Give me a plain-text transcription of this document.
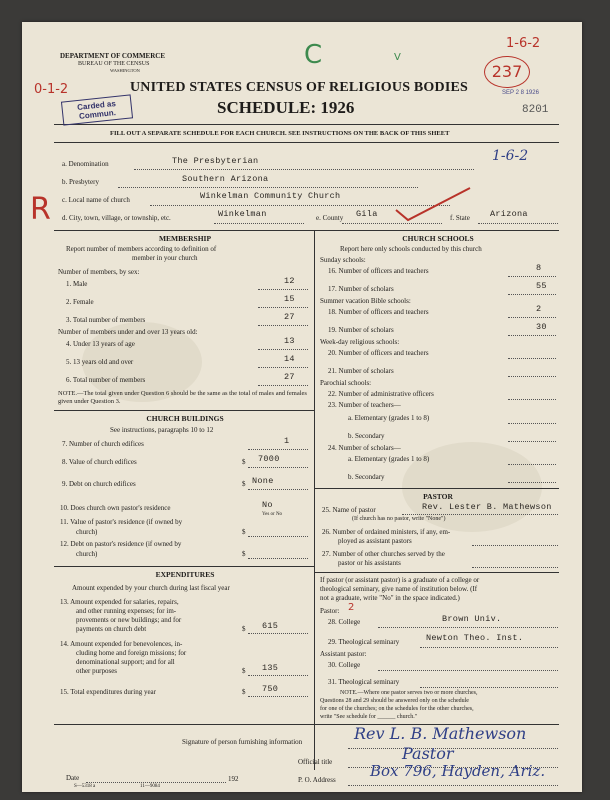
DEPARTMENT OF COMMERCE
BUREAU OF THE CENSUS
WASHINGTON
UNITED STATES CENSUS OF RELIGIOUS BODIES
SCHEDULE: 1926
FILL OUT A SEPARATE SCHEDULE FOR EACH CHURCH. SEE INSTRUCTIONS ON THE BACK OF THIS SHEET
Carded as Commun.
0-1-2
C	V
1-6-2
237
SEP 2 8 1926
8201
a. Denomination	The Presbyterian	1-6-2
b. Presbytery	Southern Arizona
c. Local name of church	Winkelman Community Church
R d. City, town, village, or township, etc.	Winkelman	e. County Gila	f. State Arizona
MEMBERSHIP
Report number of members according to definition of
member in your church
Number of members, by sex:
1. Male	12
2. Female	15
3. Total number of members	27
Number of members under and over 13 years old:
4. Under 13 years of age	13
5. 13 years old and over	14
6. Total number of members	27
NOTE.—The total given under Question 6 should be the same as the total of males and females given under Question 3.
CHURCH BUILDINGS
See instructions, paragraphs 10 to 12
7. Number of church edifices	1
8. Value of church edifices	$ 7000
9. Debt on church edifices	$ None
10. Does church own pastor's residence	No
Yes or No
11. Value of pastor's residence (if owned by
church)	$
12. Debt on pastor's residence (if owned by
church)	$
EXPENDITURES
Amount expended by your church during last fiscal year
13. Amount expended for salaries, repairs,
and other running expenses; for im-
provements or new buildings; and for
payments on church debt	$ 615
14. Amount expended for benevolences, in-
cluding home and foreign missions; for
denominational support; and for all
other purposes	$ 135
15. Total expenditures during year	$ 750
CHURCH SCHOOLS
Report here only schools conducted by this church
Sunday schools:
16. Number of officers and teachers	8
17. Number of scholars	55
Summer vacation Bible schools:
18. Number of officers and teachers	2
19. Number of scholars	30
Week-day religious schools:
20. Number of officers and teachers
21. Number of scholars
Parochial schools:
22. Number of administrative officers
23. Number of teachers—
a. Elementary (grades 1 to 8)
b. Secondary
24. Number of scholars—
a. Elementary (grades 1 to 8)
b. Secondary
PASTOR
25. Name of pastor	Rev. Lester B. Mathewson
(If church has no pastor, write "None")
26. Number of ordained ministers, if any, em-
ployed as assistant pastors
27. Number of other churches served by the
pastor or his assistants
If pastor (or assistant pastor) is a graduate of a college or
theological seminary, give name of institution below. (If
not a graduate, write "No" in the space indicated.)
Pastor: 2
28. College	Brown Univ.
29. Theological seminary	Newton Theo. Inst.
Assistant pastor:
30. College
31. Theological seminary
NOTE.—Where one pastor serves two or more churches,
Questions 28 and 29 should be answered only on the schedule
for one of the churches; on the schedules for the other churches,
write "See schedule for ______ church."
Signature of person furnishing information	Rev L. B. Mathewson
Official title	Pastor
Date	192	P. O. Address Box 796, Hayden, Ariz.
S—5318 a	11—9084
